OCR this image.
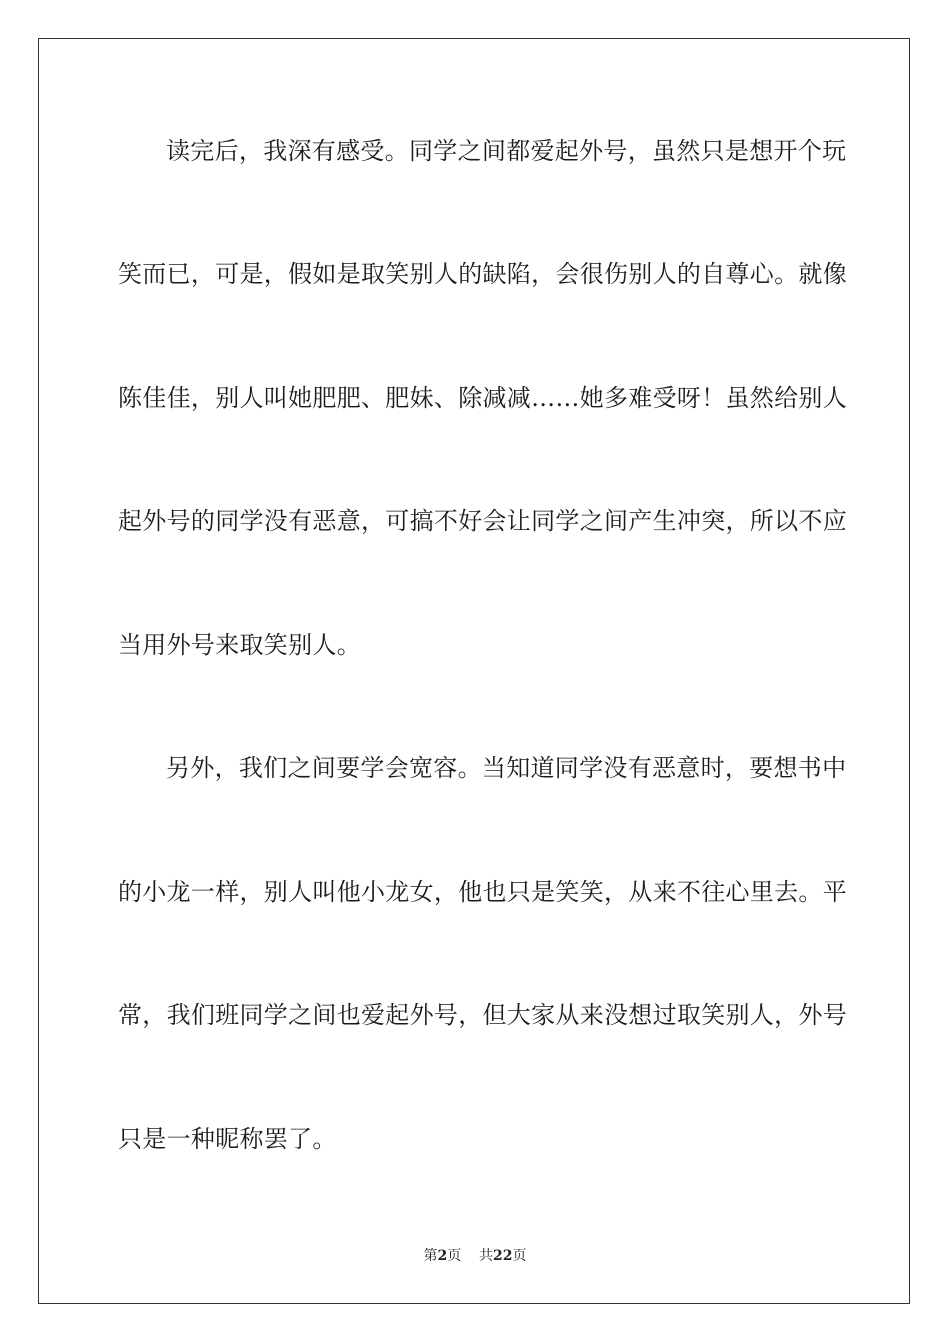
读完后，我深有感受。同学之间都爱起外号，虽然只是想开个玩
笑而已，可是，假如是取笑别人的缺陷，会很伤别人的自尊心。就像
陈佳佳，别人叫她肥肥、肥妹、除减减……她多难受呀！虽然给别人
起外号的同学没有恶意，可搞不好会让同学之间产生冲突，所以不应
当用外号来取笑别人。
另外，我们之间要学会宽容。当知道同学没有恶意时，要想书中
的小龙一样，别人叫他小龙女，他也只是笑笑，从来不往心里去。平
常，我们班同学之间也爱起外号，但大家从来没想过取笑别人，外号
只是一种昵称罢了。
第2页 共22页
